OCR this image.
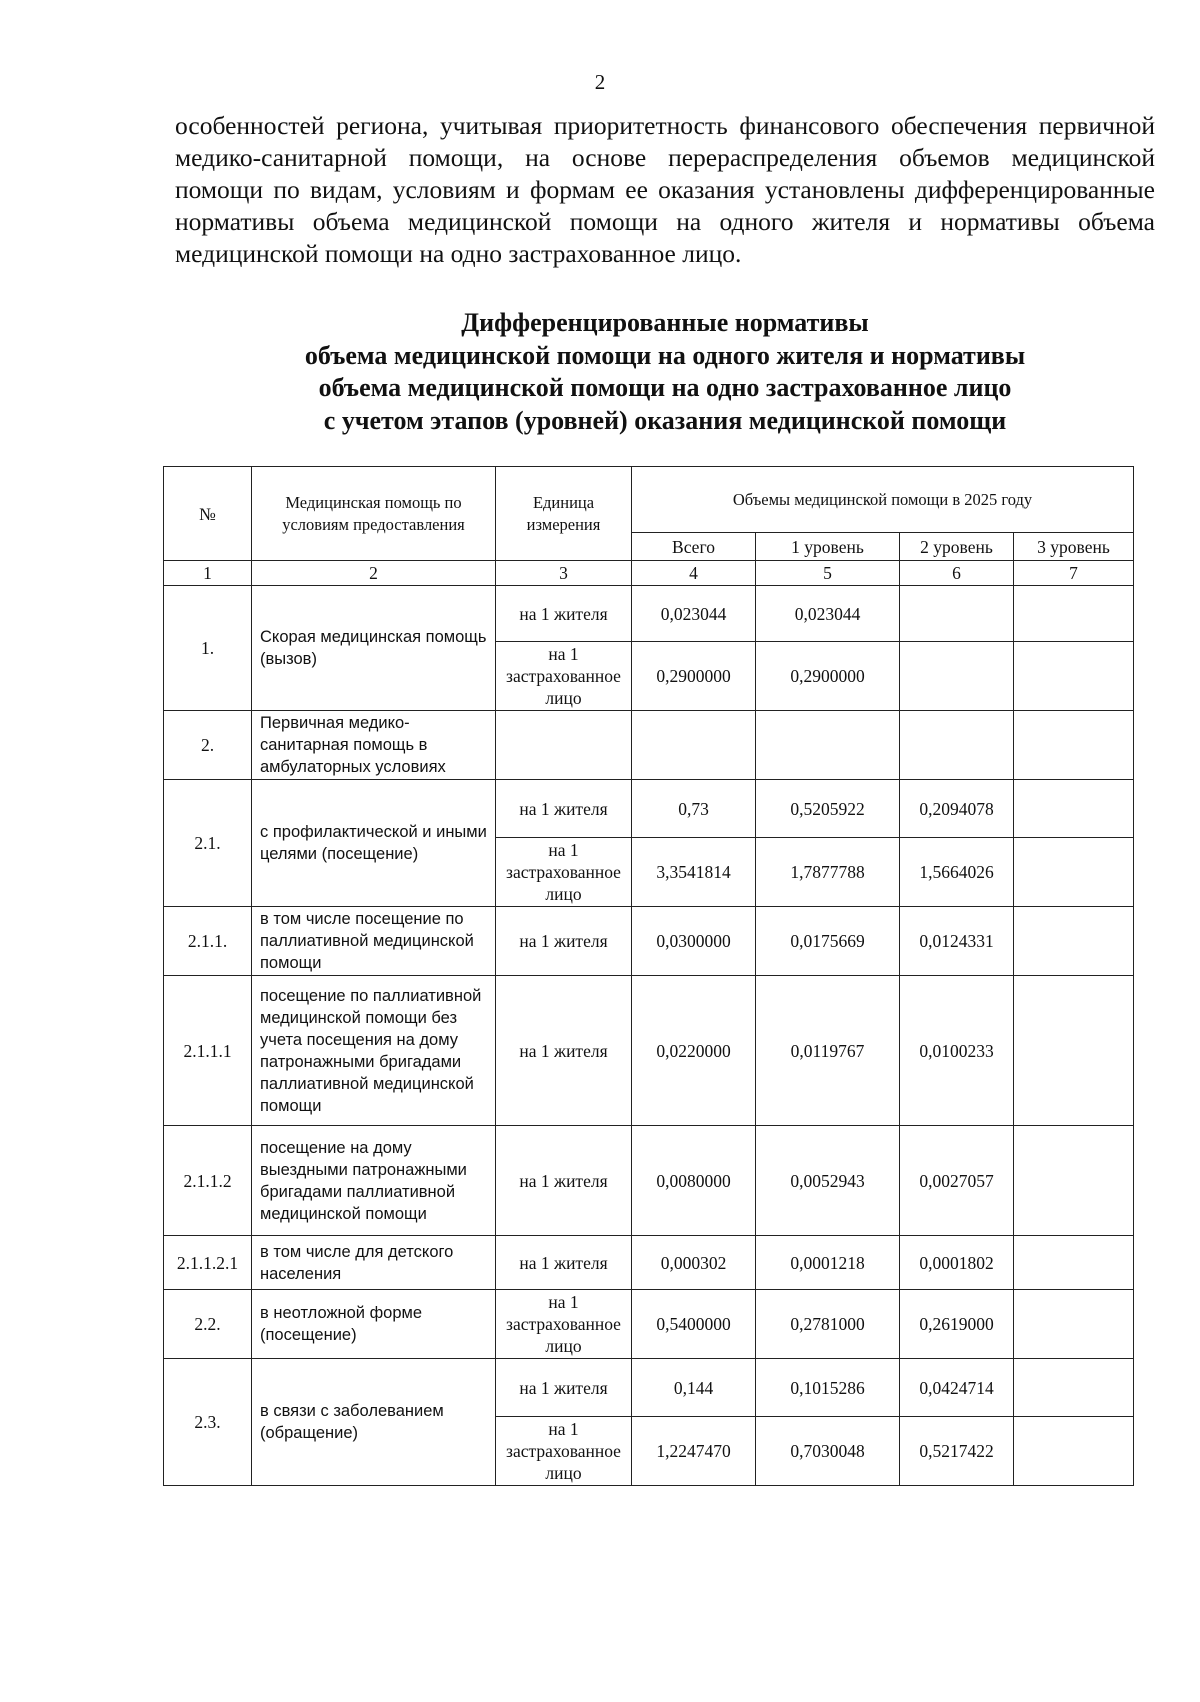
2
особенностей региона, учитывая приоритетность финансового обеспечения первичной медико-санитарной помощи, на основе перераспределения объемов медицинской помощи по видам, условиям и формам ее оказания установлены дифференцированные нормативы объема медицинской помощи на одного жителя и нормативы объема медицинской помощи на одно застрахованное лицо.
Дифференцированные нормативы
объема медицинской помощи на одного жителя и нормативы
объема медицинской помощи на одно застрахованное лицо
с учетом этапов (уровней) оказания медицинской помощи
№	Медицинская помощь по условиям предоставления	Единица измерения	Объемы медицинской помощи в 2025 году			
			Всего	1 уровень	2 уровень	3 уровень
1	2	3	4	5	6	7
1.	Скорая медицинская помощь (вызов)	на 1 жителя	0,023044	0,023044		
		на 1 застрахованное лицо	0,2900000	0,2900000		
2.	Первичная медико-санитарная помощь в амбулаторных условиях					
2.1.	с профилактической и иными целями (посещение)	на 1 жителя	0,73	0,5205922	0,2094078	
		на 1 застрахованное лицо	3,3541814	1,7877788	1,5664026	
2.1.1.	в том числе посещение по паллиативной медицинской помощи	на 1 жителя	0,0300000	0,0175669	0,0124331	
2.1.1.1	посещение по паллиативной медицинской помощи без учета посещения на дому патронажными бригадами паллиативной медицинской помощи	на 1 жителя	0,0220000	0,0119767	0,0100233	
2.1.1.2	посещение на дому выездными патронажными бригадами паллиативной медицинской помощи	на 1 жителя	0,0080000	0,0052943	0,0027057	
2.1.1.2.1	в том числе для детского населения	на 1 жителя	0,000302	0,0001218	0,0001802	
2.2.	в неотложной форме (посещение)	на 1 застрахованное лицо	0,5400000	0,2781000	0,2619000	
2.3.	в связи с заболеванием (обращение)	на 1 жителя	0,144	0,1015286	0,0424714	
		на 1 застрахованное лицо	1,2247470	0,7030048	0,5217422	
